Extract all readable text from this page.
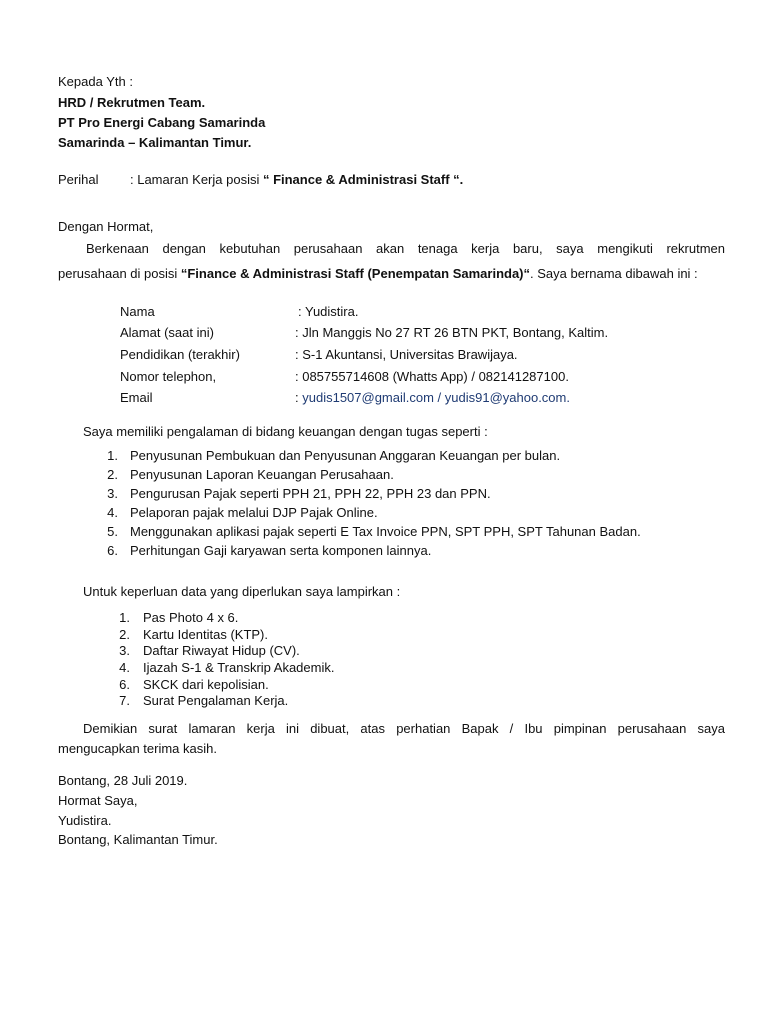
Kepada Yth :
HRD / Rekrutmen Team.
PT Pro Energi Cabang Samarinda
Samarinda – Kalimantan Timur.
Perihal : Lamaran Kerja posisi “ Finance & Administrasi Staff “.
Dengan Hormat,
Berkenaan dengan kebutuhan perusahaan akan tenaga kerja baru, saya mengikuti rekrutmen
perusahaan di posisi “Finance & Administrasi Staff (Penempatan Samarinda)“. Saya bernama dibawah ini :
Nama	: Yudistira.
Alamat (saat ini)	: Jln Manggis No 27 RT 26 BTN PKT, Bontang, Kaltim.
Pendidikan (terakhir)	: S-1 Akuntansi, Universitas Brawijaya.
Nomor telephon,	: 085755714608 (Whatts App) / 082141287100.
Email	: yudis1507@gmail.com / yudis91@yahoo.com.
Saya memiliki pengalaman di bidang keuangan dengan tugas seperti :
1. Penyusunan Pembukuan dan Penyusunan Anggaran Keuangan per bulan.
2. Penyusunan Laporan Keuangan Perusahaan.
3. Pengurusan Pajak seperti PPH 21, PPH 22, PPH 23 dan PPN.
4. Pelaporan pajak melalui DJP Pajak Online.
5. Menggunakan aplikasi pajak seperti E Tax Invoice PPN, SPT PPH, SPT Tahunan Badan.
6. Perhitungan Gaji karyawan serta komponen lainnya.
Untuk keperluan data yang diperlukan saya lampirkan :
1. Pas Photo 4 x 6.
2. Kartu Identitas (KTP).
3. Daftar Riwayat Hidup (CV).
4. Ijazah S-1 & Transkrip Akademik.
6. SKCK dari kepolisian.
7. Surat Pengalaman Kerja.
Demikian surat lamaran kerja ini dibuat, atas perhatian Bapak / Ibu pimpinan perusahaan saya
mengucapkan terima kasih.
Bontang, 28 Juli 2019.
Hormat Saya,
Yudistira.
Bontang, Kalimantan Timur.
